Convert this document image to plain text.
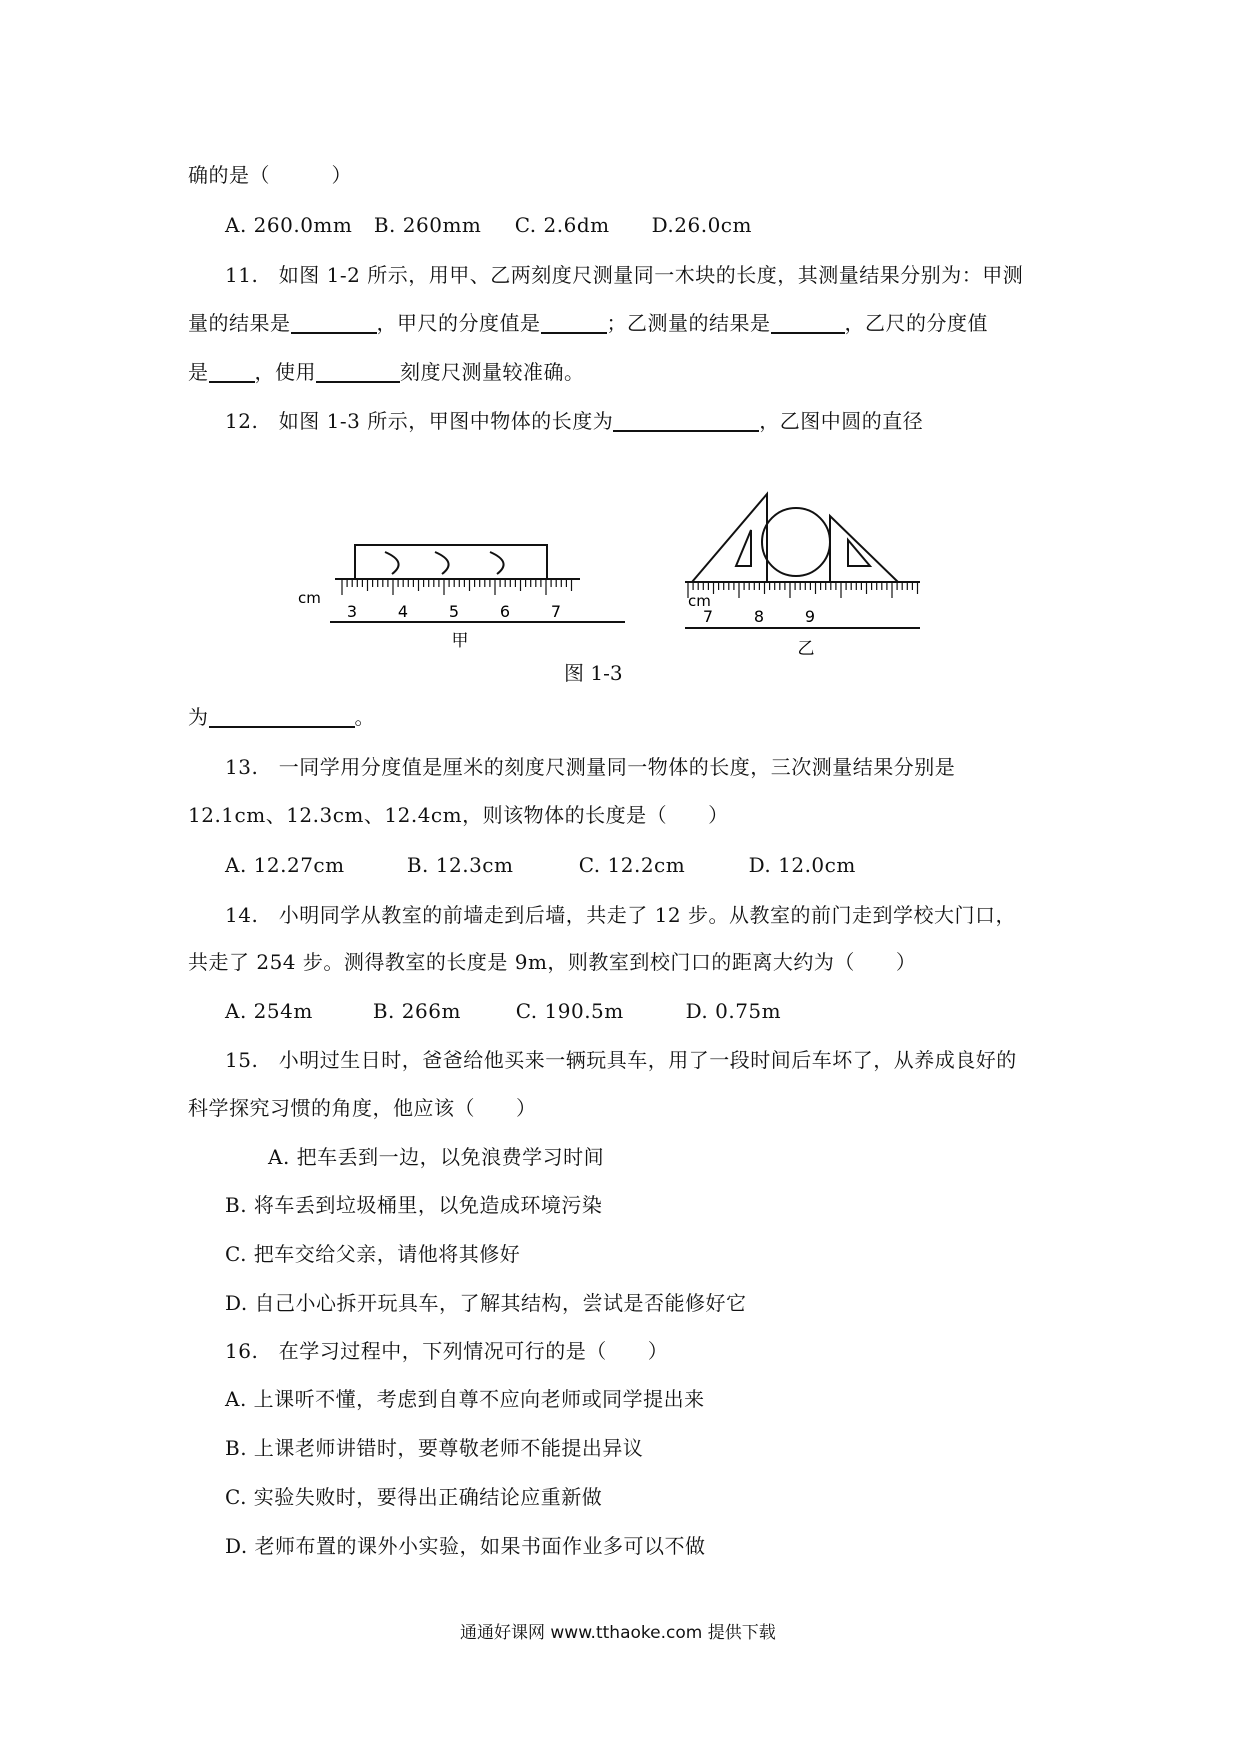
确的是（　　　）
A. 260.0mm B. 260mm C. 2.6dm D.26.0cm
11.　如图 1-2 所示，用甲、乙两刻度尺测量同一木块的长度，其测量结果分别为：甲测
量的结果是	，甲尺的分度值是	；乙测量的结果是	，乙尺的分度值
是 ，使用	刻度尺测量较准确。
12.　如图 1-3 所示，甲图中物体的长度为	，乙图中圆的直径
cm
3	4	5	6	7
甲
cm
7	8	9
乙
图 1-3
为	。
13.　一同学用分度值是厘米的刻度尺测量同一物体的长度，三次测量结果分别是
12.1cm、12.3cm、12.4cm，则该物体的长度是（　　）
A. 12.27cm	B. 12.3cm	C. 12.2cm	D. 12.0cm
14.　小明同学从教室的前墙走到后墙，共走了 12 步。从教室的前门走到学校大门口，
共走了 254 步。测得教室的长度是 9m，则教室到校门口的距离大约为（　　）
A. 254m	B. 266m	C. 190.5m	D. 0.75m
15.　小明过生日时，爸爸给他买来一辆玩具车，用了一段时间后车坏了，从养成良好的
科学探究习惯的角度，他应该（　　）
A. 把车丢到一边，以免浪费学习时间
B. 将车丢到垃圾桶里，以免造成环境污染
C. 把车交给父亲，请他将其修好
D. 自己小心拆开玩具车，了解其结构，尝试是否能修好它
16.　在学习过程中，下列情况可行的是（　　）
A. 上课听不懂，考虑到自尊不应向老师或同学提出来
B. 上课老师讲错时，要尊敬老师不能提出异议
C. 实验失败时，要得出正确结论应重新做
D. 老师布置的课外小实验，如果书面作业多可以不做
通通好课网 www.tthaoke.com 提供下载
